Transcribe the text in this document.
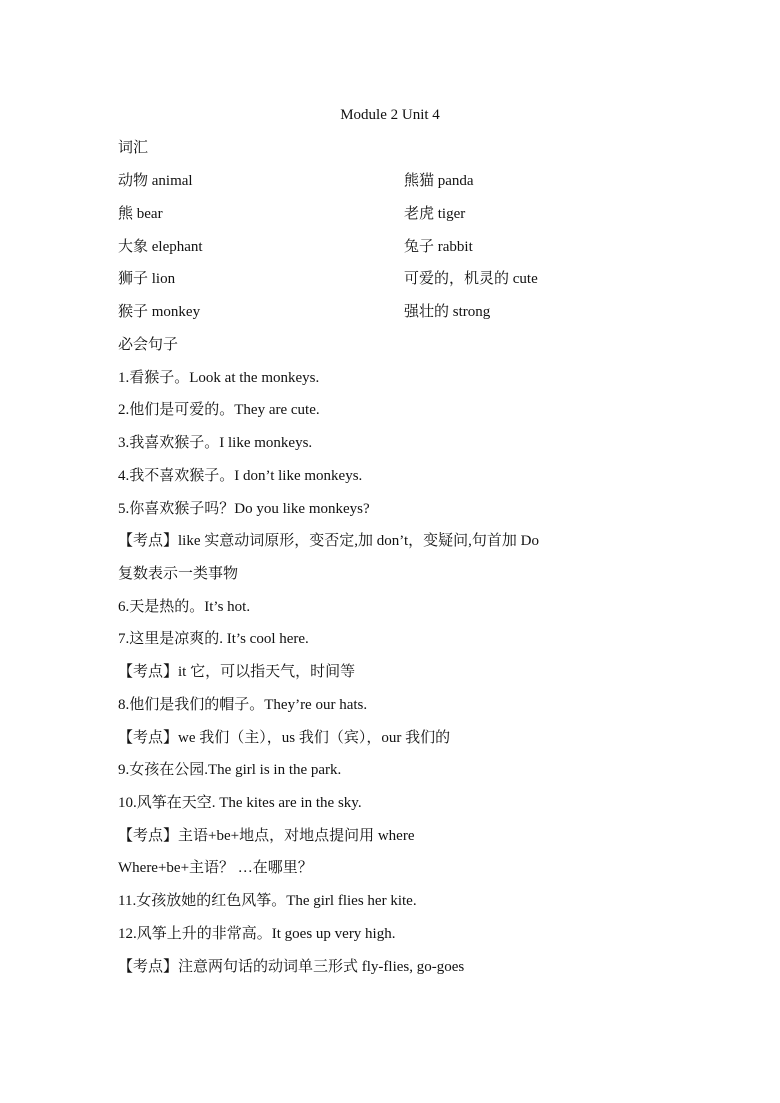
Module 2 Unit 4
词汇
动物 animal	熊猫 panda
熊 bear	老虎 tiger
大象 elephant	兔子 rabbit
狮子 lion	可爱的，机灵的 cute
猴子 monkey	强壮的 strong
必会句子
1.看猴子。Look at the monkeys.
2.他们是可爱的。They are cute.
3.我喜欢猴子。I like monkeys.
4.我不喜欢猴子。I don’t like monkeys.
5.你喜欢猴子吗？Do you like monkeys?
【考点】like 实意动词原形，变否定,加 don’t，变疑问,句首加 Do
复数表示一类事物
6.天是热的。It’s hot.
7.这里是凉爽的. It’s cool here.
【考点】it 它，可以指天气，时间等
8.他们是我们的帽子。They’re our hats.
【考点】we 我们（主），us 我们（宾），our 我们的
9.女孩在公园.The girl is in the park.
10.风筝在天空. The kites are in the sky.
【考点】主语+be+地点，对地点提问用 where
Where+be+主语？ …在哪里？
11.女孩放她的红色风筝。The girl flies her kite.
12.风筝上升的非常高。It goes up very high.
【考点】注意两句话的动词单三形式 fly-flies, go-goes
